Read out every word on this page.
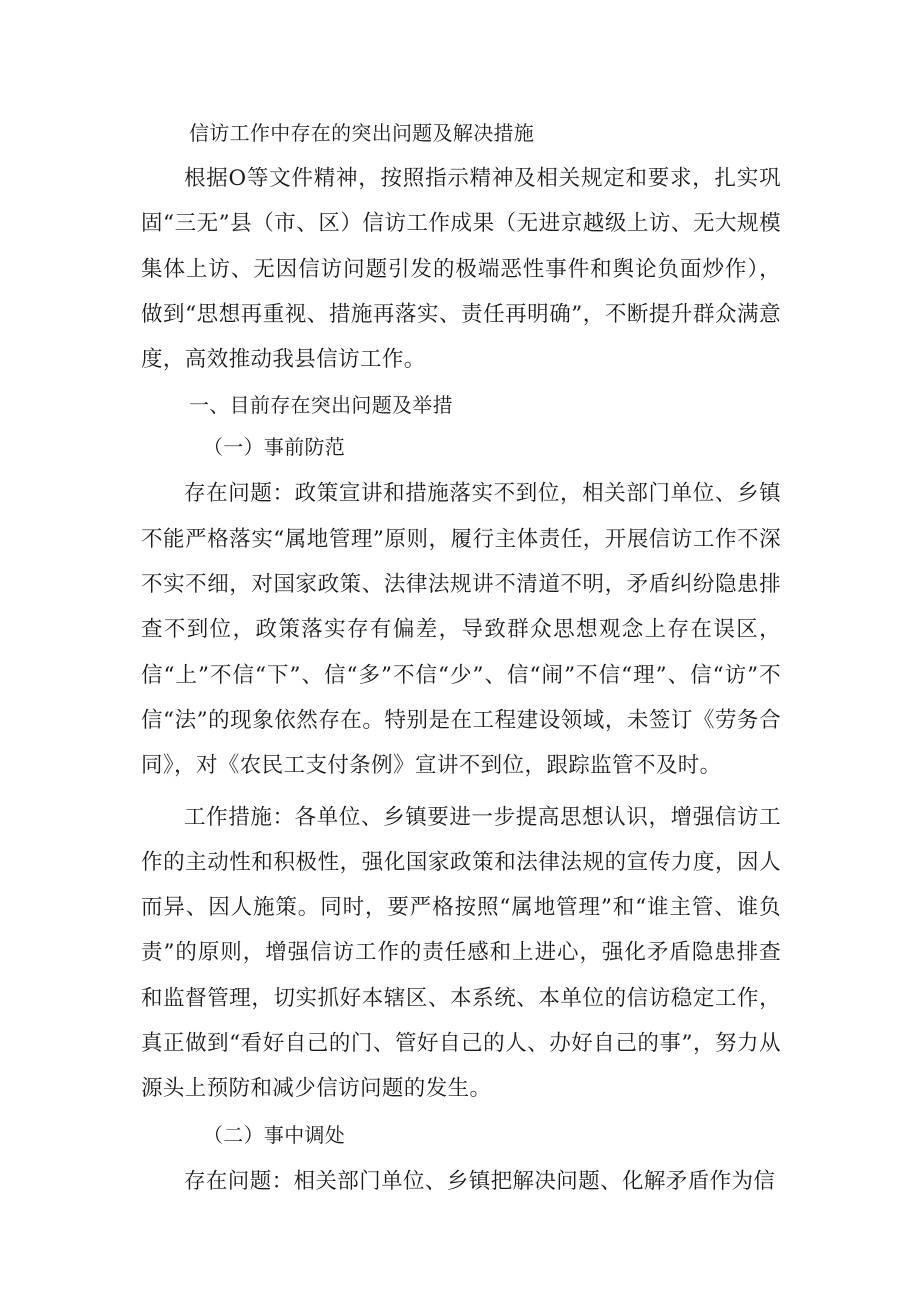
信访工作中存在的突出问题及解决措施

根据O等文件精神，按照指示精神及相关规定和要求，扎实巩固“三无”县（市、区）信访工作成果（无进京越级上访、无大规模集体上访、无因信访问题引发的极端恶性事件和舆论负面炒作），做到“思想再重视、措施再落实、责任再明确”，不断提升群众满意度，高效推动我县信访工作。

一、目前存在突出问题及举措

（一）事前防范

存在问题：政策宣讲和措施落实不到位，相关部门单位、乡镇不能严格落实“属地管理”原则，履行主体责任，开展信访工作不深不实不细，对国家政策、法律法规讲不清道不明，矛盾纠纷隐患排查不到位，政策落实存有偏差，导致群众思想观念上存在误区，信“上”不信“下”、信“多”不信“少”、信“闹”不信“理”、信“访”不信“法”的现象依然存在。特别是在工程建设领域，未签订《劳务合同》，对《农民工支付条例》宣讲不到位，跟踪监管不及时。

工作措施：各单位、乡镇要进一步提高思想认识，增强信访工作的主动性和积极性，强化国家政策和法律法规的宣传力度，因人而异、因人施策。同时，要严格按照“属地管理”和“谁主管、谁负责”的原则，增强信访工作的责任感和上进心，强化矛盾隐患排查和监督管理，切实抓好本辖区、本系统、本单位的信访稳定工作，真正做到“看好自己的门、管好自己的人、办好自己的事”，努力从源头上预防和减少信访问题的发生。

（二）事中调处

存在问题：相关部门单位、乡镇把解决问题、化解矛盾作为信
